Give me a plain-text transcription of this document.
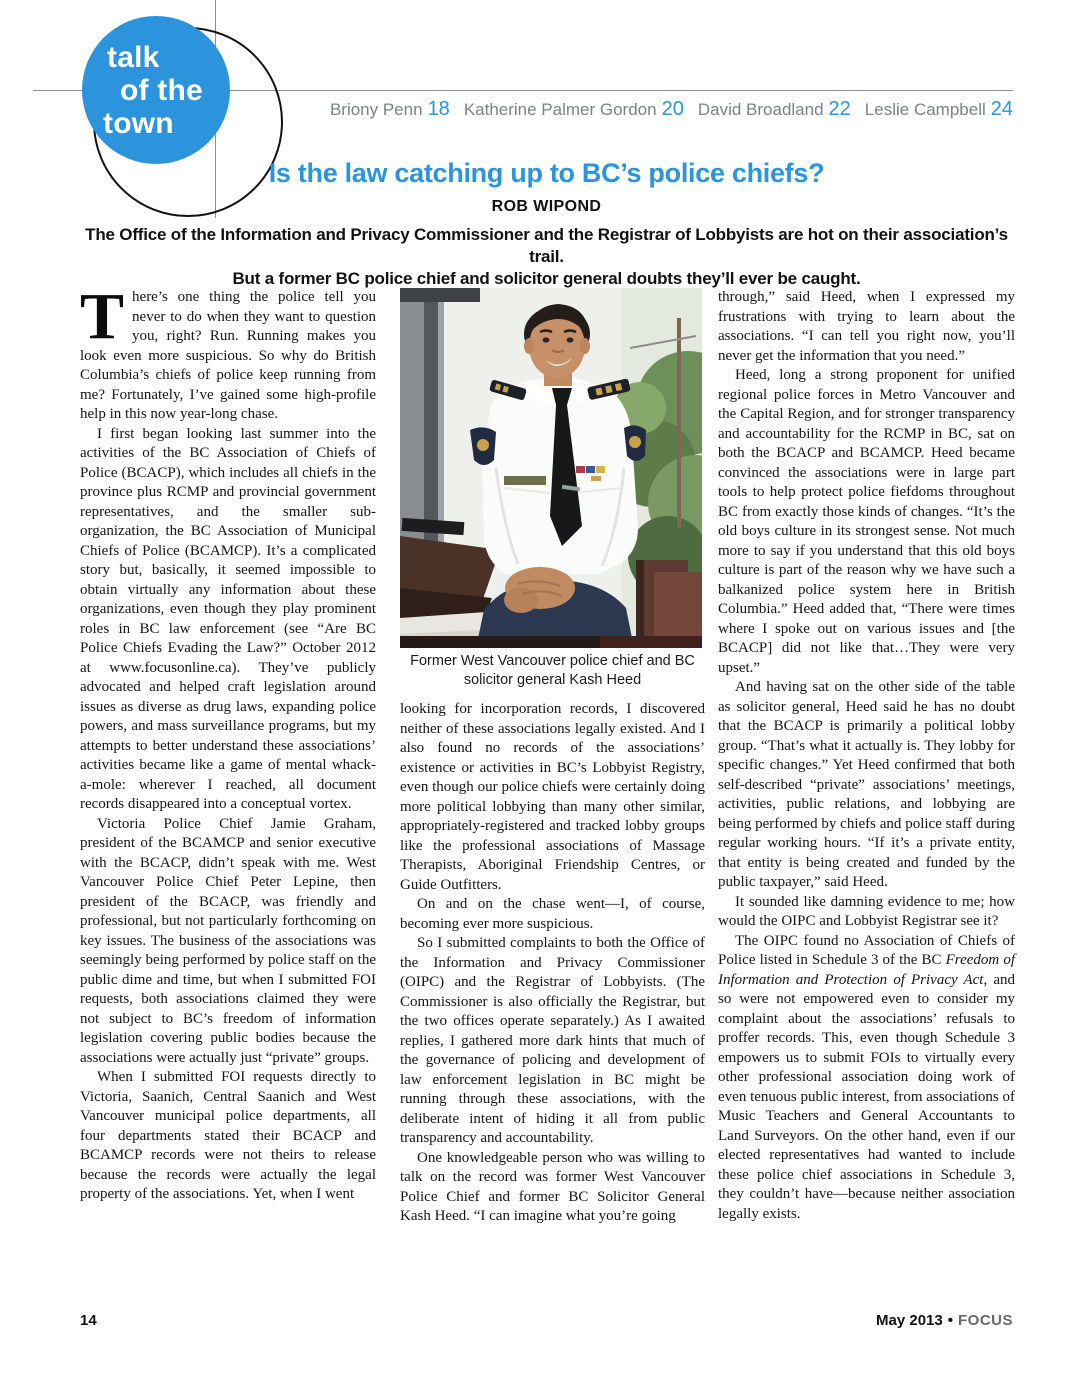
talk
of the
town	Briony Penn 18 Katherine Palmer Gordon 20 David Broadland 22 Leslie Campbell 24
Is the law catching up to BC’s police chiefs?
ROB WIPOND
The Office of the Information and Privacy Commissioner and the Registrar of Lobbyists are hot on their association’s trail.
But a former BC police chief and solicitor general doubts they’ll ever be caught.

There’s one thing the police tell you never to do when they want to question you, right? Run. Running makes you look even more suspicious. So why do British Columbia’s chiefs of police keep running from me? Fortunately, I’ve gained some high-profile help in this now year-long chase.

I first began looking last summer into the activities of the BC Association of Chiefs of Police (BCACP), which includes all chiefs in the province plus RCMP and provincial government representatives, and the smaller sub-organization, the BC Association of Municipal Chiefs of Police (BCAMCP). It’s a complicated story but, basically, it seemed impossible to obtain virtually any information about these organizations, even though they play prominent roles in BC law enforcement (see “Are BC Police Chiefs Evading the Law?” October 2012 at www.focusonline.ca). They’ve publicly advocated and helped craft legislation around issues as diverse as drug laws, expanding police powers, and mass surveillance programs, but my attempts to better understand these associations’ activities became like a game of mental whack-a-mole: wherever I reached, all document records disappeared into a conceptual vortex.

Victoria Police Chief Jamie Graham, president of the BCAMCP and senior executive with the BCACP, didn’t speak with me. West Vancouver Police Chief Peter Lepine, then president of the BCACP, was friendly and professional, but not particularly forthcoming on key issues. The business of the associations was seemingly being performed by police staff on the public dime and time, but when I submitted FOI requests, both associations claimed they were not subject to BC’s freedom of information legislation covering public bodies because the associations were actually just “private” groups.

When I submitted FOI requests directly to Victoria, Saanich, Central Saanich and West Vancouver municipal police departments, all four departments stated their BCACP and BCAMCP records were not theirs to release because the records were actually the legal property of the associations. Yet, when I went

Former West Vancouver police chief and BC solicitor general Kash Heed

looking for incorporation records, I discovered neither of these associations legally existed. And I also found no records of the associations’ existence or activities in BC’s Lobbyist Registry, even though our police chiefs were certainly doing more political lobbying than many other similar, appropriately-registered and tracked lobby groups like the professional associations of Massage Therapists, Aboriginal Friendship Centres, or Guide Outfitters.

On and on the chase went—I, of course, becoming ever more suspicious.

So I submitted complaints to both the Office of the Information and Privacy Commissioner (OIPC) and the Registrar of Lobbyists. (The Commissioner is also officially the Registrar, but the two offices operate separately.) As I awaited replies, I gathered more dark hints that much of the governance of policing and development of law enforcement legislation in BC might be running through these associations, with the deliberate intent of hiding it all from public transparency and accountability.

One knowledgeable person who was willing to talk on the record was former West Vancouver Police Chief and former BC Solicitor General Kash Heed. “I can imagine what you’re going

through,” said Heed, when I expressed my frustrations with trying to learn about the associations. “I can tell you right now, you’ll never get the information that you need.”

Heed, long a strong proponent for unified regional police forces in Metro Vancouver and the Capital Region, and for stronger transparency and accountability for the RCMP in BC, sat on both the BCACP and BCAMCP. Heed became convinced the associations were in large part tools to help protect police fiefdoms throughout BC from exactly those kinds of changes. “It’s the old boys culture in its strongest sense. Not much more to say if you understand that this old boys culture is part of the reason why we have such a balkanized police system here in British Columbia.” Heed added that, “There were times where I spoke out on various issues and [the BCACP] did not like that…They were very upset.”

And having sat on the other side of the table as solicitor general, Heed said he has no doubt that the BCACP is primarily a political lobby group. “That’s what it actually is. They lobby for specific changes.” Yet Heed confirmed that both self-described “private” associations’ meetings, activities, public relations, and lobbying are being performed by chiefs and police staff during regular working hours. “If it’s a private entity, that entity is being created and funded by the public taxpayer,” said Heed.

It sounded like damning evidence to me; how would the OIPC and Lobbyist Registrar see it?

The OIPC found no Association of Chiefs of Police listed in Schedule 3 of the BC Freedom of Information and Protection of Privacy Act, and so were not empowered even to consider my complaint about the associations’ refusals to proffer records. This, even though Schedule 3 empowers us to submit FOIs to virtually every other professional association doing work of even tenuous public interest, from associations of Music Teachers and General Accountants to Land Surveyors. On the other hand, even if our elected representatives had wanted to include these police chief associations in Schedule 3, they couldn’t have—because neither association legally exists.

14	May 2013 • FOCUS
